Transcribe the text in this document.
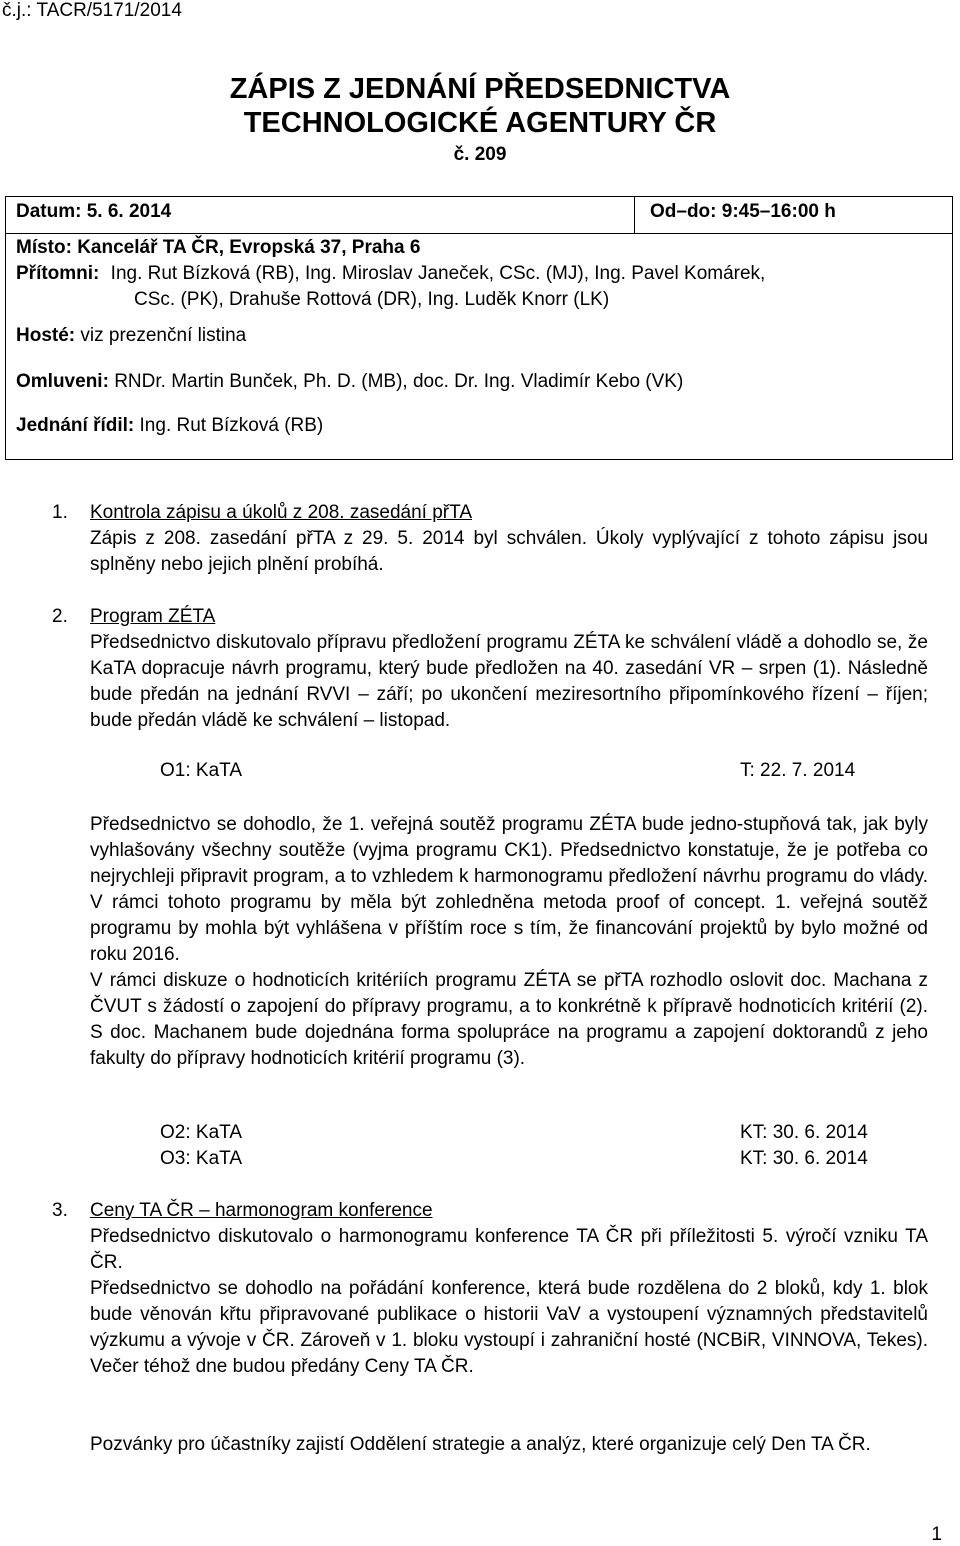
č.j.: TACR/5171/2014
ZÁPIS Z JEDNÁNÍ PŘEDSEDNICTVA
TECHNOLOGICKÉ AGENTURY ČR
č. 209
Datum: 5. 6. 2014	Od–do: 9:45–16:00 h
Místo: Kancelář TA ČR, Evropská 37, Praha 6
Přítomni: Ing. Rut Bízková (RB), Ing. Miroslav Janeček, CSc. (MJ), Ing. Pavel Komárek,
CSc. (PK), Drahuše Rottová (DR), Ing. Luděk Knorr (LK)
Hosté: viz prezenční listina
Omluveni: RNDr. Martin Bunček, Ph. D. (MB), doc. Dr. Ing. Vladimír Kebo (VK)
Jednání řídil: Ing. Rut Bízková (RB)
1. Kontrola zápisu a úkolů z 208. zasedání přTA
Zápis z 208. zasedání přTA z 29. 5. 2014 byl schválen. Úkoly vyplývající z tohoto zápisu jsou splněny nebo jejich plnění probíhá.
2. Program ZÉTA
Předsednictvo diskutovalo přípravu předložení programu ZÉTA ke schválení vládě a dohodlo se, že KaTA dopracuje návrh programu, který bude předložen na 40. zasedání VR – srpen (1). Následně bude předán na jednání RVVI – září; po ukončení meziresortního připomínkového řízení – říjen; bude předán vládě ke schválení – listopad.
O1: KaTA	T: 22. 7. 2014
Předsednictvo se dohodlo, že 1. veřejná soutěž programu ZÉTA bude jedno-stupňová tak, jak byly vyhlašovány všechny soutěže (vyjma programu CK1). Předsednictvo konstatuje, že je potřeba co nejrychleji připravit program, a to vzhledem k harmonogramu předložení návrhu programu do vlády. V rámci tohoto programu by měla být zohledněna metoda proof of concept. 1. veřejná soutěž programu by mohla být vyhlášena v příštím roce s tím, že financování projektů by bylo možné od roku 2016.
V rámci diskuze o hodnoticích kritériích programu ZÉTA se přTA rozhodlo oslovit doc. Machana z ČVUT s žádostí o zapojení do přípravy programu, a to konkrétně k přípravě hodnoticích kritérií (2). S doc. Machanem bude dojednána forma spolupráce na programu a zapojení doktorandů z jeho fakulty do přípravy hodnoticích kritérií programu (3).
O2: KaTA	KT: 30. 6. 2014
O3: KaTA	KT: 30. 6. 2014
3. Ceny TA ČR – harmonogram konference
Předsednictvo diskutovalo o harmonogramu konference TA ČR při příležitosti 5. výročí vzniku TA ČR.
Předsednictvo se dohodlo na pořádání konference, která bude rozdělena do 2 bloků, kdy 1. blok bude věnován křtu připravované publikace o historii VaV a vystoupení významných představitelů výzkumu a vývoje v ČR. Zároveň v 1. bloku vystoupí i zahraniční hosté (NCBiR, VINNOVA, Tekes). Večer téhož dne budou předány Ceny TA ČR.
Pozvánky pro účastníky zajistí Oddělení strategie a analýz, které organizuje celý Den TA ČR.
1
